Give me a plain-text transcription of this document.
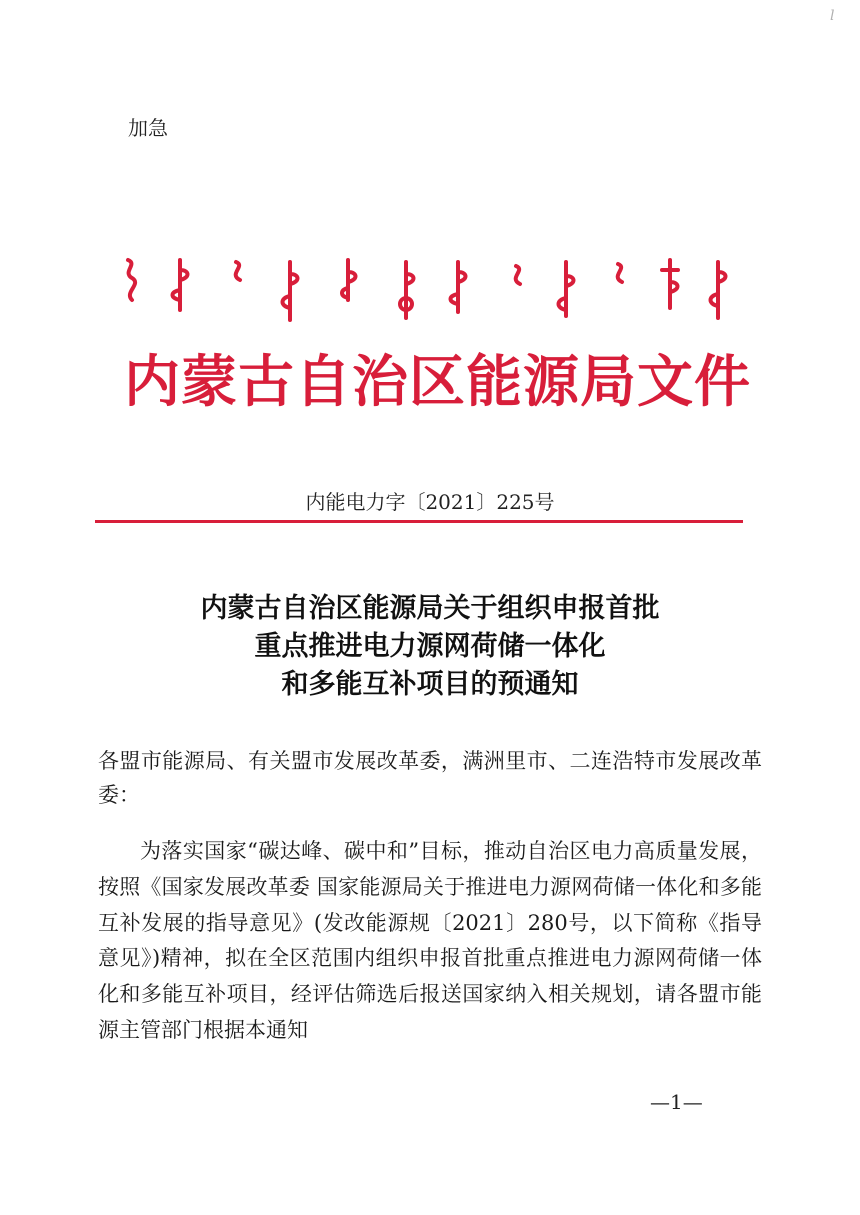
l
加急
内蒙古自治区能源局文件
内能电力字〔2021〕225号
内蒙古自治区能源局关于组织申报首批
重点推进电力源网荷储一体化
和多能互补项目的预通知
各盟市能源局、有关盟市发展改革委，满洲里市、二连浩特市发展改革委：
为落实国家“碳达峰、碳中和”目标，推动自治区电力高质量发展，按照《国家发展改革委 国家能源局关于推进电力源网荷储一体化和多能互补发展的指导意见》(发改能源规〔2021〕280号，以下简称《指导意见》)精神，拟在全区范围内组织申报首批重点推进电力源网荷储一体化和多能互补项目，经评估筛选后报送国家纳入相关规划，请各盟市能源主管部门根据本通知
—1—
